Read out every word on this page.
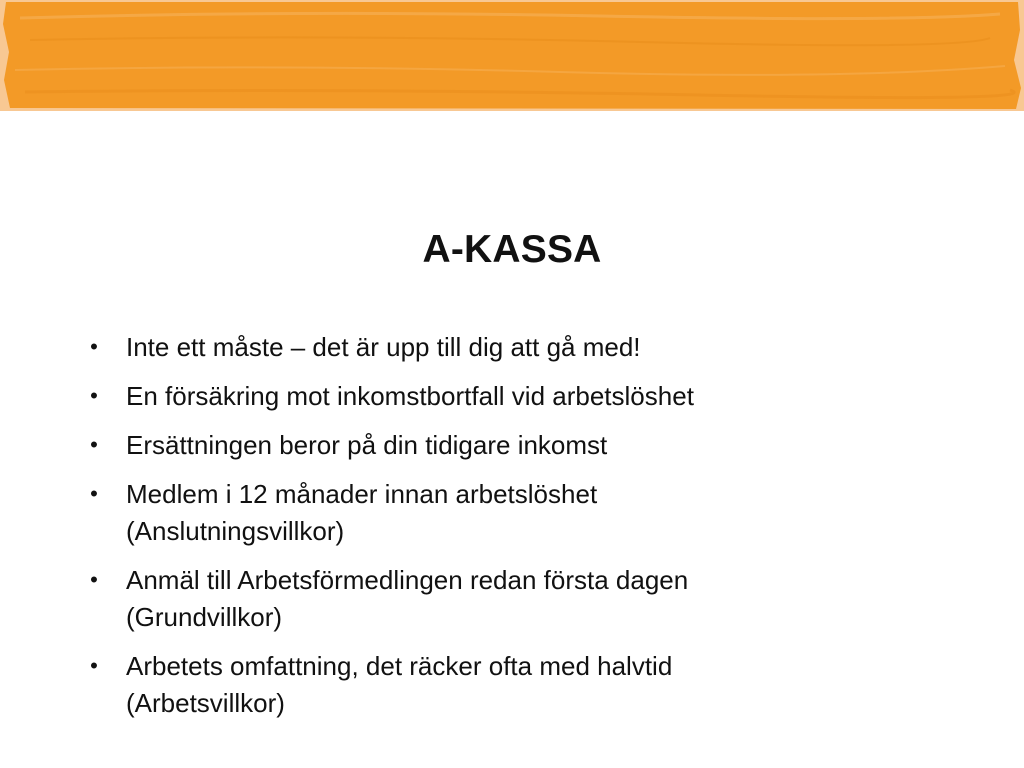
A-KASSA
• Inte ett måste – det är upp till dig att gå med!
• En försäkring mot inkomstbortfall vid arbetslöshet
• Ersättningen beror på din tidigare inkomst
• Medlem i 12 månader innan arbetslöshet
(Anslutningsvillkor)
• Anmäl till Arbetsförmedlingen redan första dagen
(Grundvillkor)
• Arbetets omfattning, det räcker ofta med halvtid
(Arbetsvillkor)
